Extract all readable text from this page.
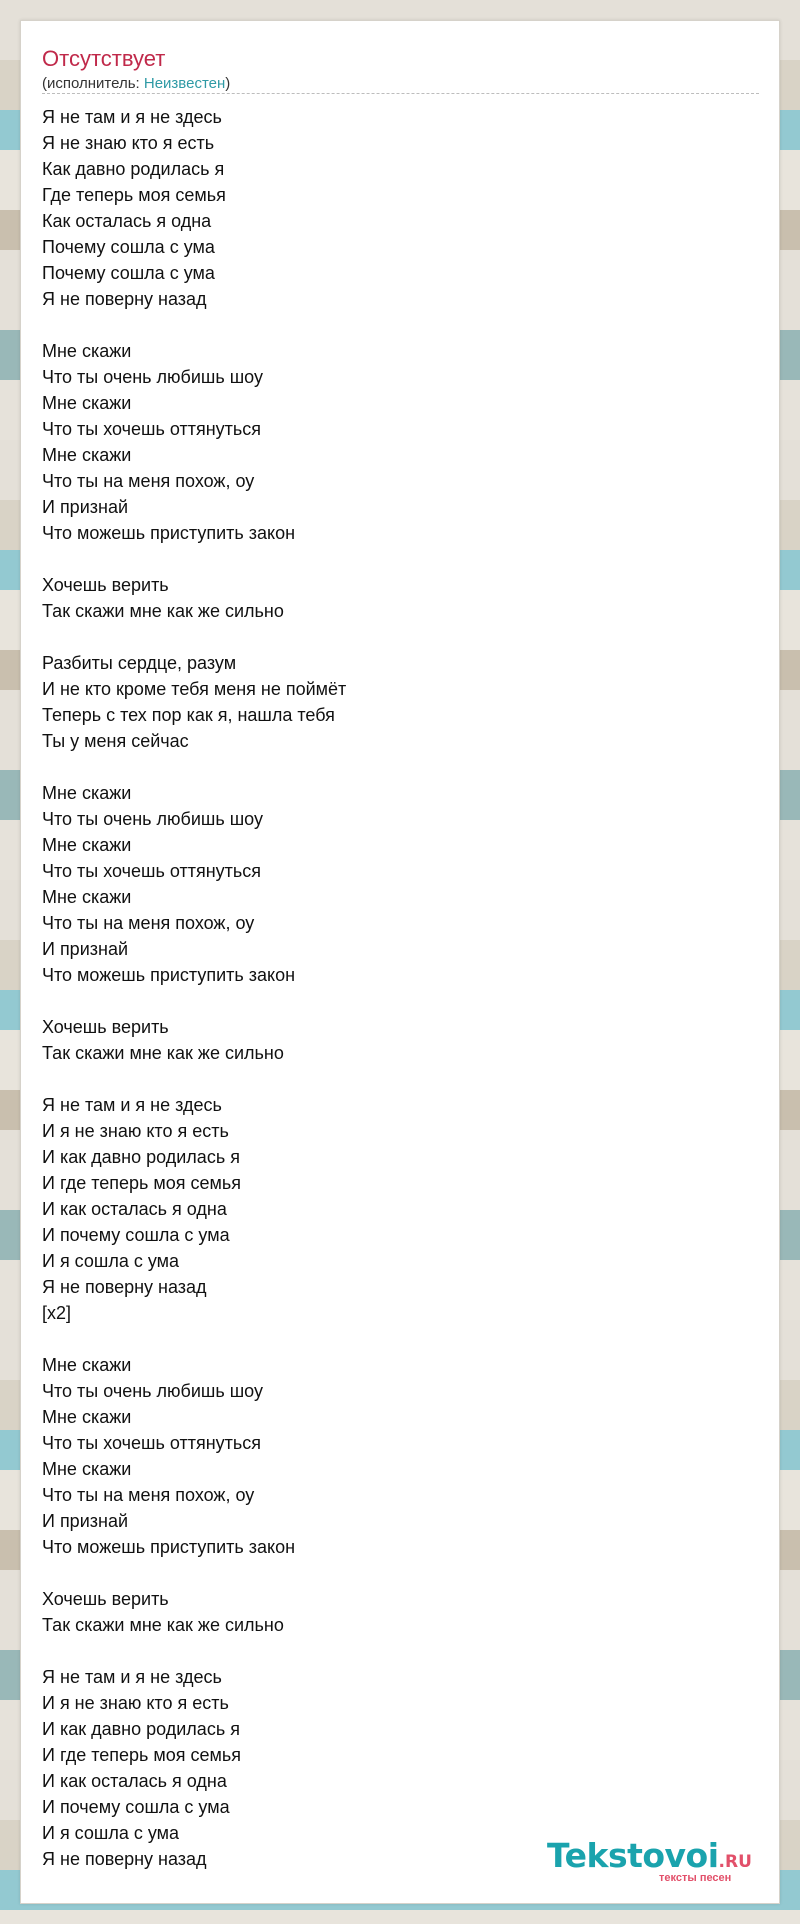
Отсутствует
(исполнитель: Неизвестен)
Я не там и я не здесь
Я не знаю кто я есть
Как давно родилась я
Где теперь моя семья
Как осталась я одна
Почему сошла с ума
Почему сошла с ума
Я не поверну назад
Мне скажи
Что ты очень любишь шоу
Мне скажи
Что ты хочешь оттянуться
Мне скажи
Что ты на меня похож, оу
И признай
Что можешь приступить закон
Хочешь верить
Так скажи мне как же сильно
Разбиты сердце, разум
И не кто кроме тебя меня не поймёт
Теперь с тех пор как я, нашла тебя
Ты у меня сейчас
Мне скажи
Что ты очень любишь шоу
Мне скажи
Что ты хочешь оттянуться
Мне скажи
Что ты на меня похож, оу
И признай
Что можешь приступить закон
Хочешь верить
Так скажи мне как же сильно
Я не там и я не здесь
И я не знаю кто я есть
И как давно родилась я
И где теперь моя семья
И как осталась я одна
И почему сошла с ума
И я сошла с ума
Я не поверну назад
[x2]
Мне скажи
Что ты очень любишь шоу
Мне скажи
Что ты хочешь оттянуться
Мне скажи
Что ты на меня похож, оу
И признай
Что можешь приступить закон
Хочешь верить
Так скажи мне как же сильно
Я не там и я не здесь
И я не знаю кто я есть
И как давно родилась я
И где теперь моя семья
И как осталась я одна
И почему сошла с ума
И я сошла с ума
Я не поверну назад	Tekstovoi.RU
тексты песен
